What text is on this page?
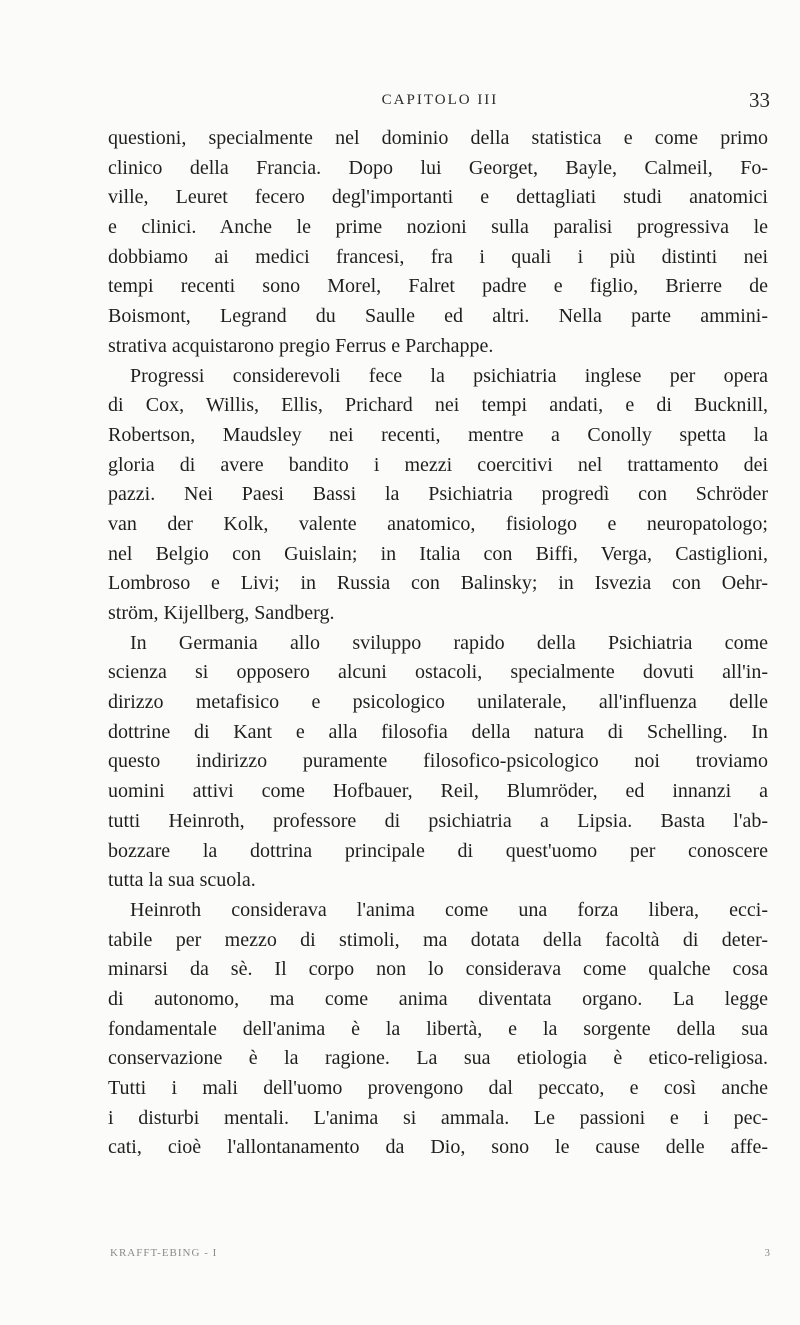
CAPITOLO III	33
questioni, specialmente nel dominio della statistica e come primo
clinico della Francia. Dopo lui Georget, Bayle, Calmeil, Fo-
ville, Leuret fecero degl'importanti e dettagliati studi anatomici
e clinici. Anche le prime nozioni sulla paralisi progressiva le
dobbiamo ai medici francesi, fra i quali i più distinti nei
tempi recenti sono Morel, Falret padre e figlio, Brierre de
Boismont, Legrand du Saulle ed altri. Nella parte ammini-
strativa acquistarono pregio Ferrus e Parchappe.
Progressi considerevoli fece la psichiatria inglese per opera
di Cox, Willis, Ellis, Prichard nei tempi andati, e di Bucknill,
Robertson, Maudsley nei recenti, mentre a Conolly spetta la
gloria di avere bandito i mezzi coercitivi nel trattamento dei
pazzi. Nei Paesi Bassi la Psichiatria progredì con Schröder
van der Kolk, valente anatomico, fisiologo e neuropatologo;
nel Belgio con Guislain; in Italia con Biffi, Verga, Castiglioni,
Lombroso e Livi; in Russia con Balinsky; in Isvezia con Oehr-
ström, Kijellberg, Sandberg.
In Germania allo sviluppo rapido della Psichiatria come
scienza si opposero alcuni ostacoli, specialmente dovuti all'in-
dirizzo metafisico e psicologico unilaterale, all'influenza delle
dottrine di Kant e alla filosofia della natura di Schelling. In
questo indirizzo puramente filosofico-psicologico noi troviamo
uomini attivi come Hofbauer, Reil, Blumröder, ed innanzi a
tutti Heinroth, professore di psichiatria a Lipsia. Basta l'ab-
bozzare la dottrina principale di quest'uomo per conoscere
tutta la sua scuola.
Heinroth considerava l'anima come una forza libera, ecci-
tabile per mezzo di stimoli, ma dotata della facoltà di deter-
minarsi da sè. Il corpo non lo considerava come qualche cosa
di autonomo, ma come anima diventata organo. La legge
fondamentale dell'anima è la libertà, e la sorgente della sua
conservazione è la ragione. La sua etiologia è etico-religiosa.
Tutti i mali dell'uomo provengono dal peccato, e così anche
i disturbi mentali. L'anima si ammala. Le passioni e i pec-
cati, cioè l'allontanamento da Dio, sono le cause delle affe-
KRAFFT-EBING - I	3
